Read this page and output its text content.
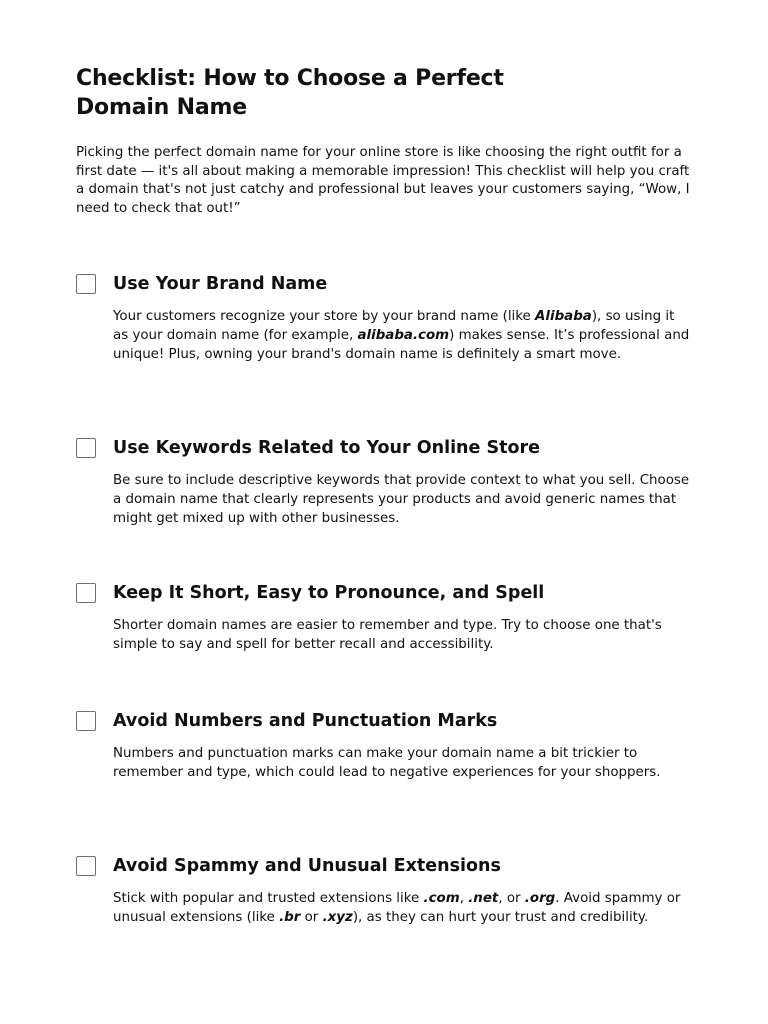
Checklist: How to Choose a Perfect
Domain Name

Picking the perfect domain name for your online store is like choosing the right outfit for a first date — it's all about making a memorable impression! This checklist will help you craft a domain that's not just catchy and professional but leaves your customers saying, “Wow, I need to check that out!”

Use Your Brand Name

Your customers recognize your store by your brand name (like Alibaba), so using it as your domain name (for example, alibaba.com) makes sense. It’s professional and unique! Plus, owning your brand's domain name is definitely a smart move.

Use Keywords Related to Your Online Store

Be sure to include descriptive keywords that provide context to what you sell. Choose a domain name that clearly represents your products and avoid generic names that might get mixed up with other businesses.

Keep It Short, Easy to Pronounce, and Spell

Shorter domain names are easier to remember and type. Try to choose one that's simple to say and spell for better recall and accessibility.

Avoid Numbers and Punctuation Marks

Numbers and punctuation marks can make your domain name a bit trickier to remember and type, which could lead to negative experiences for your shoppers.

Avoid Spammy and Unusual Extensions

Stick with popular and trusted extensions like .com, .net, or .org. Avoid spammy or unusual extensions (like .br or .xyz), as they can hurt your trust and credibility.
